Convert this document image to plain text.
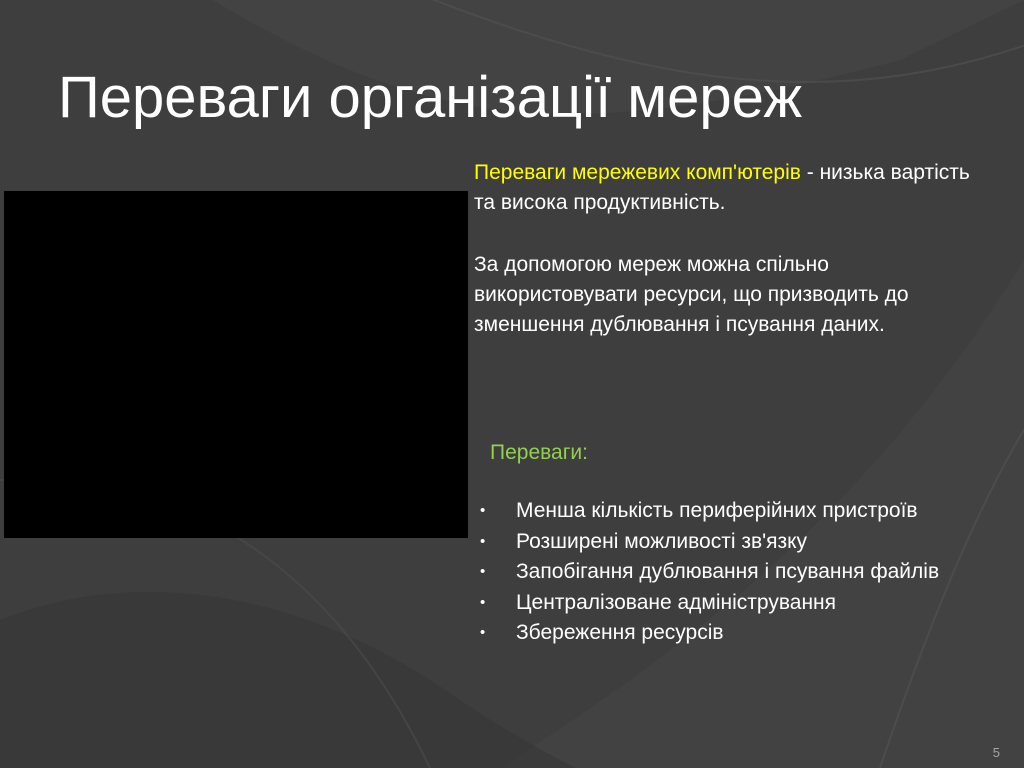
Переваги організації мереж
Переваги мережевих комп'ютерів - низька вартість та висока продуктивність.
За допомогою мереж можна спільно використовувати ресурси, що призводить до зменшення дублювання і псування даних.
Переваги:
• Менша кількість периферійних пристроїв
• Розширені можливості зв'язку
• Запобігання дублювання і псування файлів
• Централізоване адміністрування
• Збереження ресурсів
5
